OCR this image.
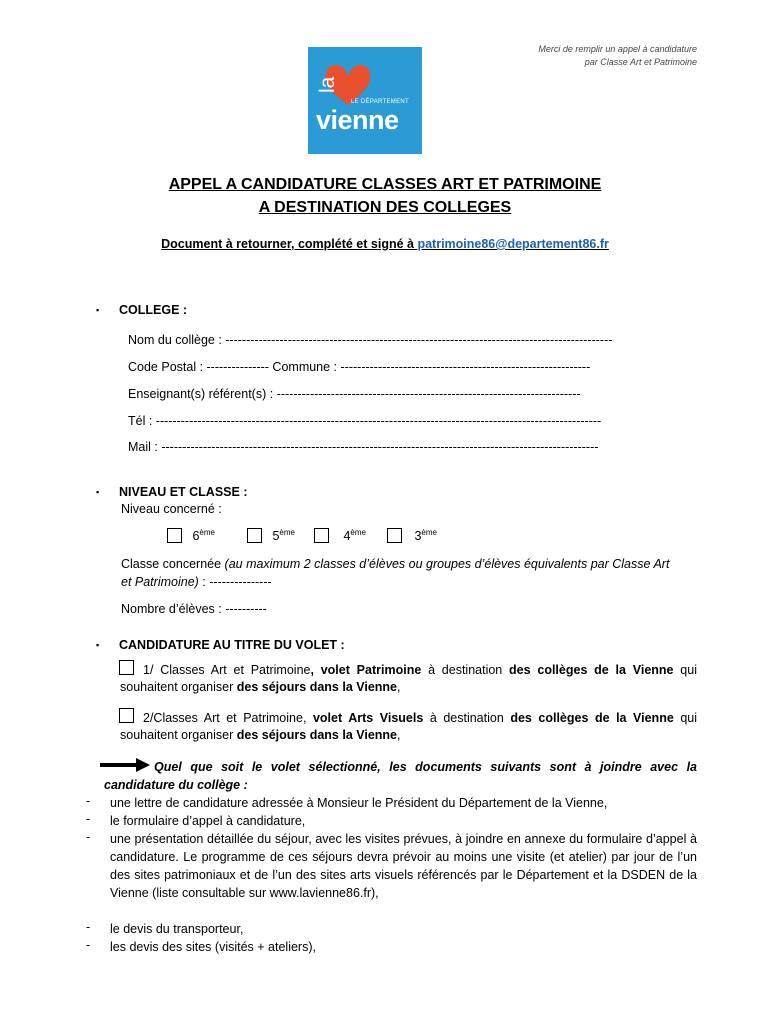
Merci de remplir un appel à candidature
par Classe Art et Patrimoine
la
LE DÉPARTEMENT
vienne
APPEL A CANDIDATURE CLASSES ART ET PATRIMOINE
A DESTINATION DES COLLEGES
Document à retourner, complété et signé à patrimoine86@departement86.fr
▪ COLLEGE :
Nom du collège : ---------------------------------------------------------------------------------------------
Code Postal : --------------- Commune : ------------------------------------------------------------
Enseignant(s) référent(s) : -------------------------------------------------------------------------
Tél : -----------------------------------------------------------------------------------------------------------
Mail : ---------------------------------------------------------------------------------------------------------
▪ NIVEAU ET CLASSE :
Niveau concerné :
6ème	5ème	4ème	3ème
Classe concernée (au maximum 2 classes d’élèves ou groupes d’élèves équivalents par Classe Art
et Patrimoine) : ---------------
Nombre d’élèves : ----------
▪ CANDIDATURE AU TITRE DU VOLET :
1/ Classes Art et Patrimoine, volet Patrimoine à destination des collèges de la Vienne qui
souhaitent organiser des séjours dans la Vienne,
2/Classes Art et Patrimoine, volet Arts Visuels à destination des collèges de la Vienne qui
souhaitent organiser des séjours dans la Vienne,
Quel que soit le volet sélectionné, les documents suivants sont à joindre avec la
candidature du collège :
- une lettre de candidature adressée à Monsieur le Président du Département de la Vienne,
- le formulaire d’appel à candidature,
- une présentation détaillée du séjour, avec les visites prévues, à joindre en annexe du formulaire d’appel à candidature. Le programme de ces séjours devra prévoir au moins une visite (et atelier) par jour de l’un des sites patrimoniaux et de l’un des sites arts visuels référencés par le Département et la DSDEN de la Vienne (liste consultable sur www.lavienne86.fr),
- le devis du transporteur,
- les devis des sites (visités + ateliers),
